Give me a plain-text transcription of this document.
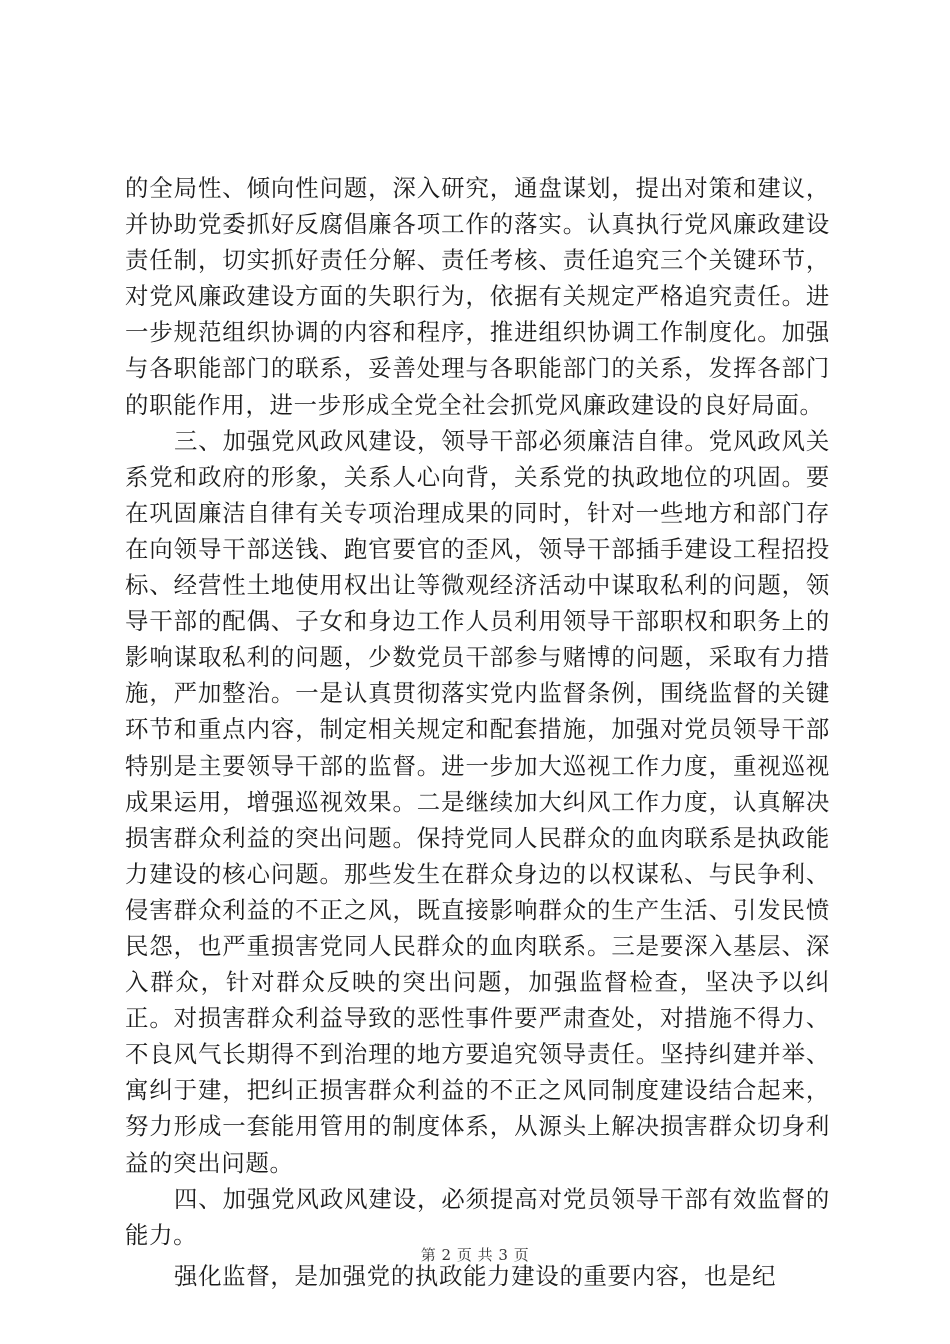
的全局性、倾向性问题，深入研究，通盘谋划，提出对策和建议，并协助党委抓好反腐倡廉各项工作的落实。认真执行党风廉政建设责任制，切实抓好责任分解、责任考核、责任追究三个关键环节，对党风廉政建设方面的失职行为，依据有关规定严格追究责任。进一步规范组织协调的内容和程序，推进组织协调工作制度化。加强与各职能部门的联系，妥善处理与各职能部门的关系，发挥各部门的职能作用，进一步形成全党全社会抓党风廉政建设的良好局面。

三、加强党风政风建设，领导干部必须廉洁自律。党风政风关系党和政府的形象，关系人心向背，关系党的执政地位的巩固。要在巩固廉洁自律有关专项治理成果的同时，针对一些地方和部门存在向领导干部送钱、跑官要官的歪风，领导干部插手建设工程招投标、经营性土地使用权出让等微观经济活动中谋取私利的问题，领导干部的配偶、子女和身边工作人员利用领导干部职权和职务上的影响谋取私利的问题，少数党员干部参与赌博的问题，采取有力措施，严加整治。一是认真贯彻落实党内监督条例，围绕监督的关键环节和重点内容，制定相关规定和配套措施，加强对党员领导干部特别是主要领导干部的监督。进一步加大巡视工作力度，重视巡视成果运用，增强巡视效果。二是继续加大纠风工作力度，认真解决损害群众利益的突出问题。保持党同人民群众的血肉联系是执政能力建设的核心问题。那些发生在群众身边的以权谋私、与民争利、侵害群众利益的不正之风，既直接影响群众的生产生活、引发民愤民怨，也严重损害党同人民群众的血肉联系。三是要深入基层、深入群众，针对群众反映的突出问题，加强监督检查，坚决予以纠正。对损害群众利益导致的恶性事件要严肃查处，对措施不得力、不良风气长期得不到治理的地方要追究领导责任。坚持纠建并举、寓纠于建，把纠正损害群众利益的不正之风同制度建设结合起来，努力形成一套能用管用的制度体系，从源头上解决损害群众切身利益的突出问题。

四、加强党风政风建设，必须提高对党员领导干部有效监督的能力。

强化监督，是加强党的执政能力建设的重要内容，也是纪

第 2 页 共 3 页
